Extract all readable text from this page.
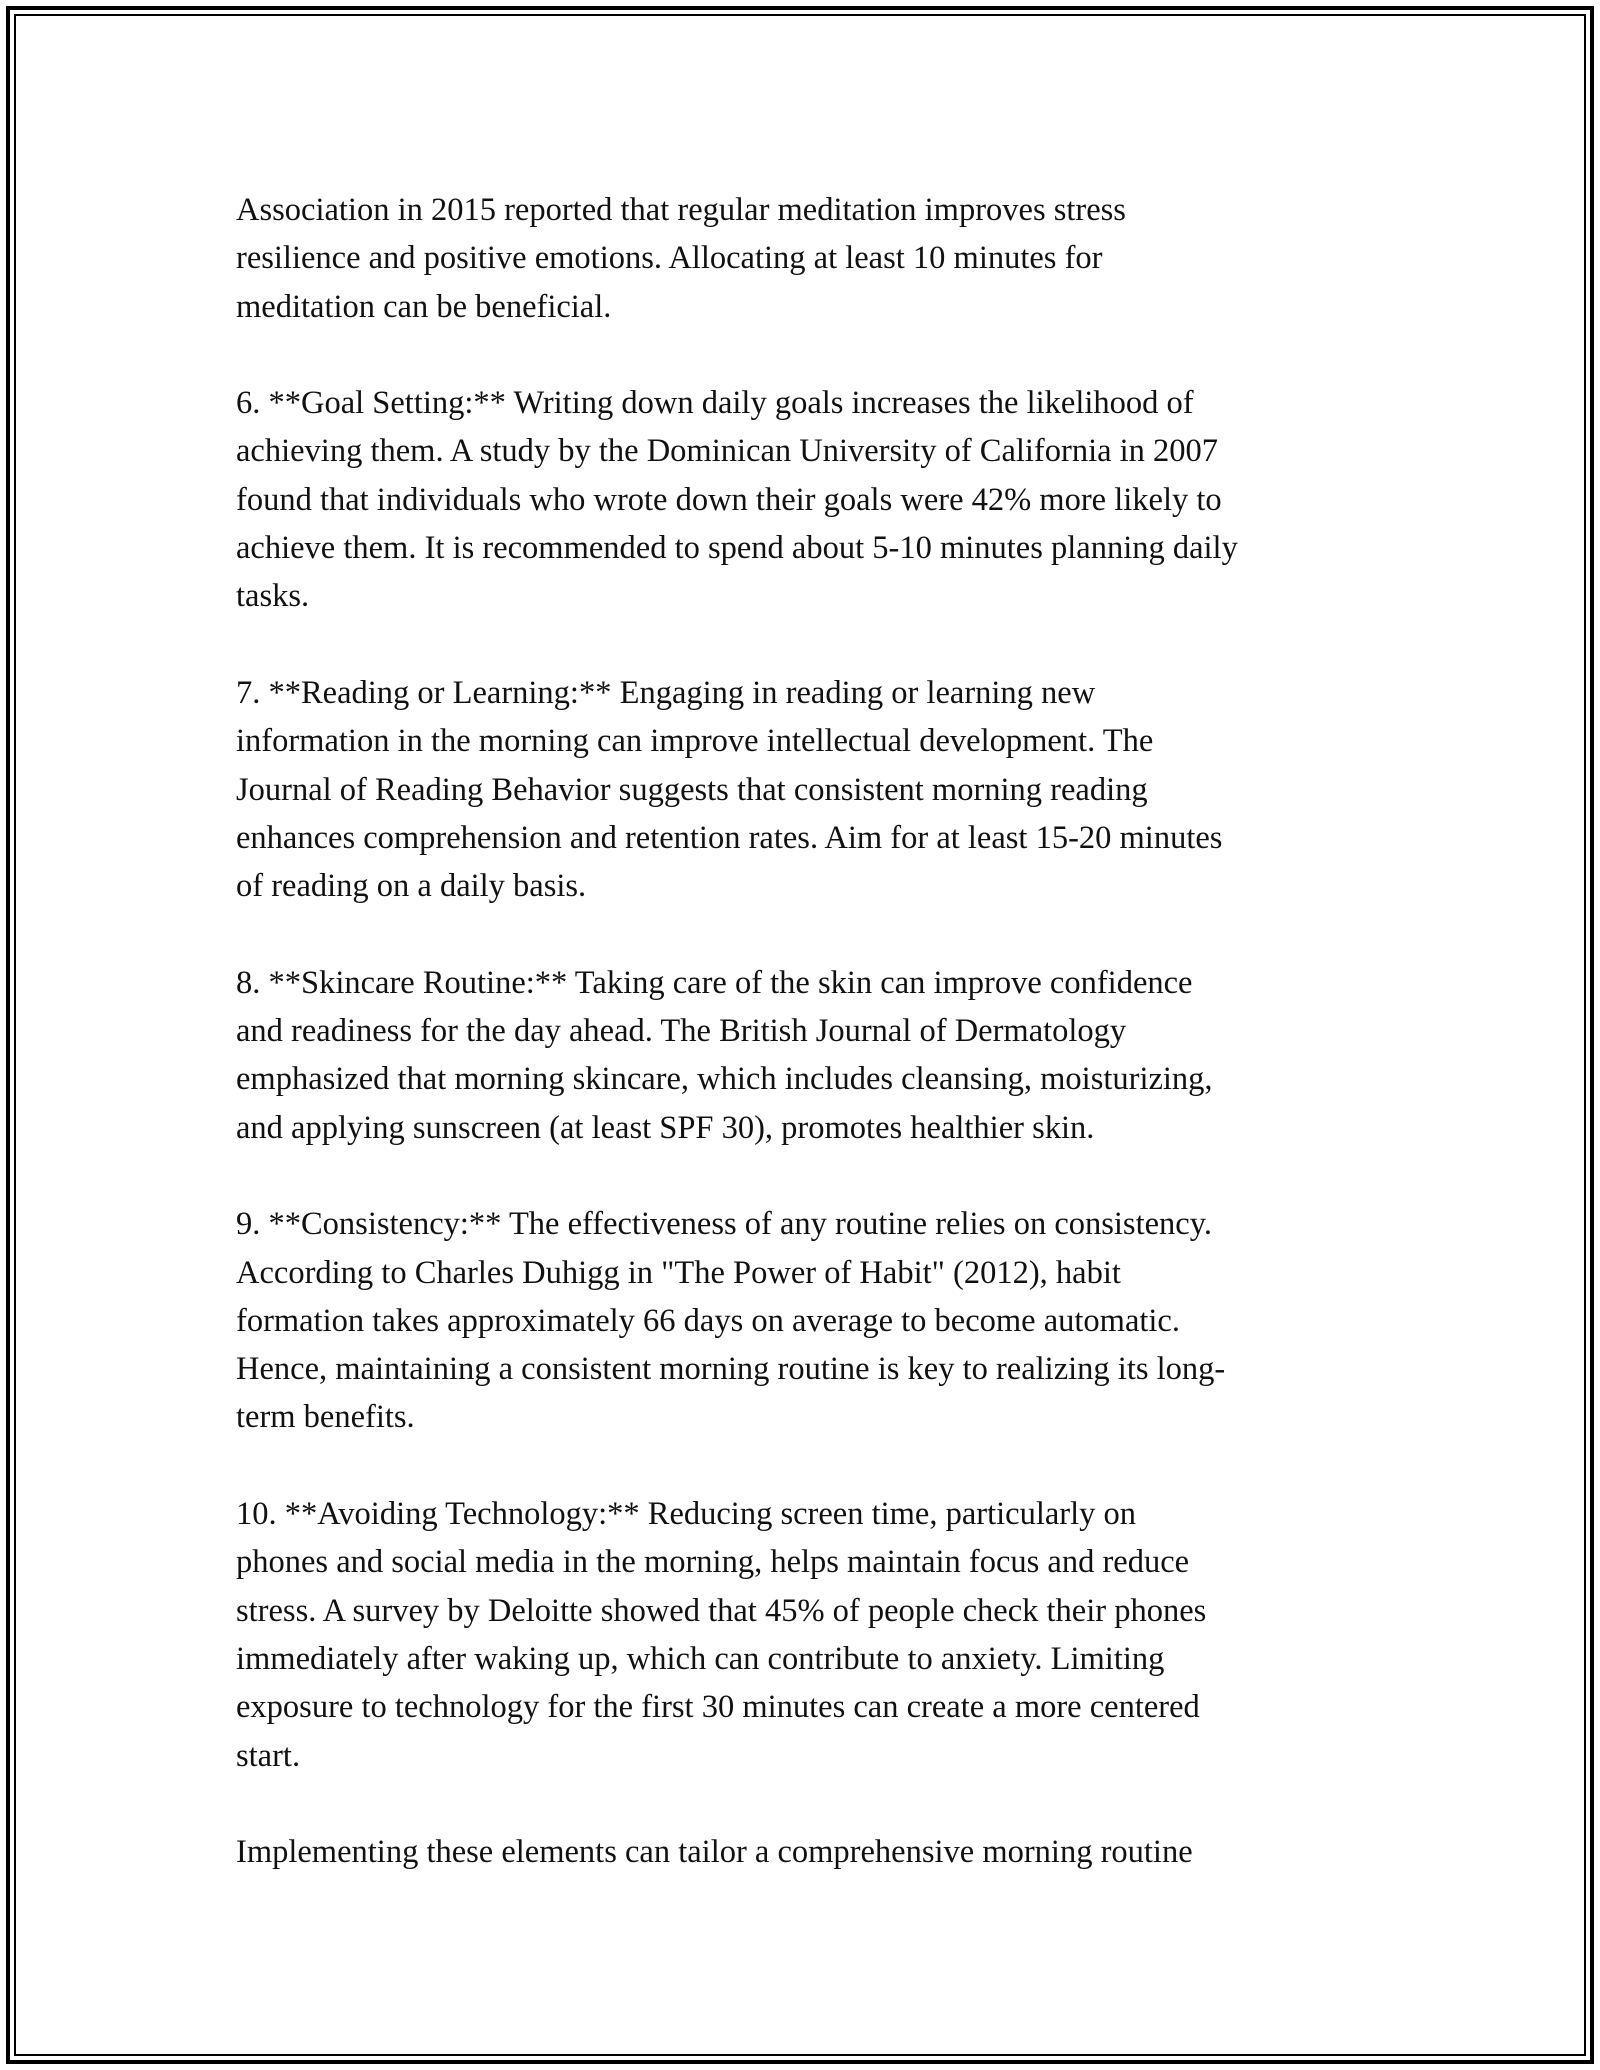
Association in 2015 reported that regular meditation improves stress
resilience and positive emotions. Allocating at least 10 minutes for
meditation can be beneficial.

6. **Goal Setting:** Writing down daily goals increases the likelihood of
achieving them. A study by the Dominican University of California in 2007
found that individuals who wrote down their goals were 42% more likely to
achieve them. It is recommended to spend about 5-10 minutes planning daily
tasks.

7. **Reading or Learning:** Engaging in reading or learning new
information in the morning can improve intellectual development. The
Journal of Reading Behavior suggests that consistent morning reading
enhances comprehension and retention rates. Aim for at least 15-20 minutes
of reading on a daily basis.

8. **Skincare Routine:** Taking care of the skin can improve confidence
and readiness for the day ahead. The British Journal of Dermatology
emphasized that morning skincare, which includes cleansing, moisturizing,
and applying sunscreen (at least SPF 30), promotes healthier skin.

9. **Consistency:** The effectiveness of any routine relies on consistency.
According to Charles Duhigg in "The Power of Habit" (2012), habit
formation takes approximately 66 days on average to become automatic.
Hence, maintaining a consistent morning routine is key to realizing its long-
term benefits.

10. **Avoiding Technology:** Reducing screen time, particularly on
phones and social media in the morning, helps maintain focus and reduce
stress. A survey by Deloitte showed that 45% of people check their phones
immediately after waking up, which can contribute to anxiety. Limiting
exposure to technology for the first 30 minutes can create a more centered
start.

Implementing these elements can tailor a comprehensive morning routine
